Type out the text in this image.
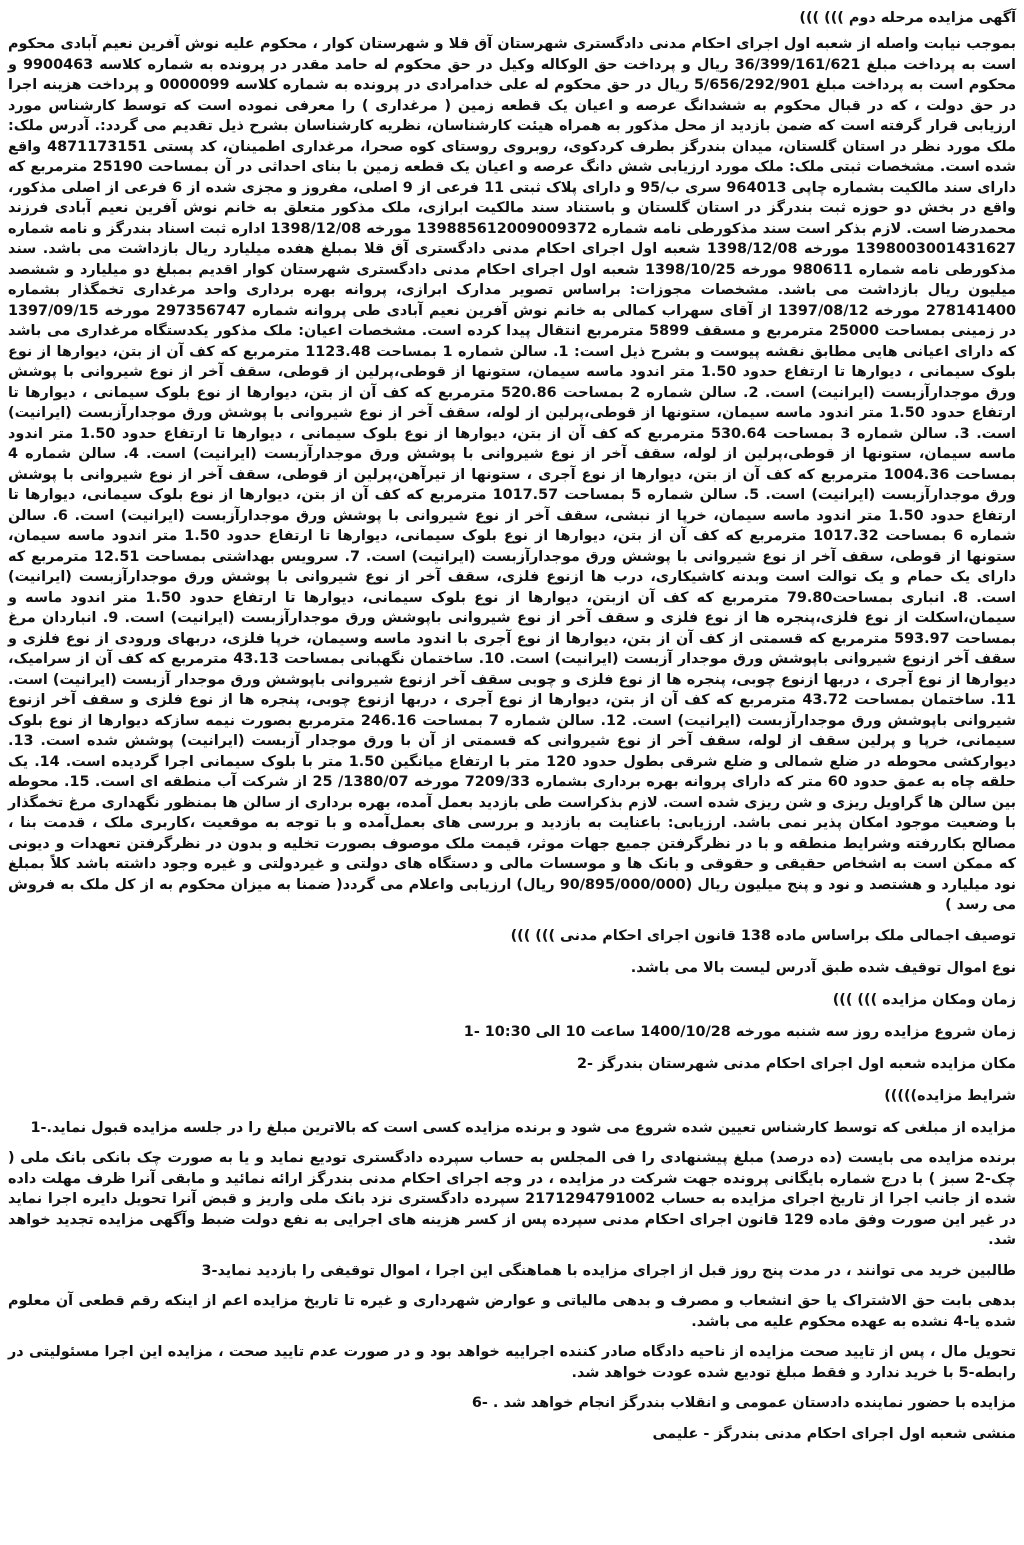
آگهی مزایده مرحله دوم ))) )))

بموجب نیابت واصله از شعبه اول اجرای احکام مدنی دادگستری شهرستان آق قلا و شهرستان کوار ، محکوم علیه نوش آفرین نعیم آبادی محکوم است به پرداخت مبلغ 36/399/161/621 ریال و پرداخت حق الوکاله وکیل در حق محکوم له حامد مقدر در پرونده به شماره کلاسه 9900463 و محکوم است به پرداخت مبلغ 5/656/292/901 ریال در حق محکوم له علی خدامرادی در پرونده به شماره کلاسه 0000099 و پرداخت هزینه اجرا در حق دولت ، که در قبال محکوم به ششدانگ عرصه و اعیان یک قطعه زمین ( مرغداری ) را معرفی نموده است که توسط کارشناس مورد ارزیابی قرار گرفته است که ضمن بازدید از محل مذکور به همراه هیئت کارشناسان، نظریه کارشناسان بشرح ذیل تقدیم می گردد:. آدرس ملک: ملک مورد نظر در استان گلستان، میدان بندرگز بطرف کردکوی، روبروی روستای کوه صحرا، مرغداری اطمینان، کد پستی 4871173151 واقع شده است. مشخصات ثبتی ملک: ملک مورد ارزیابی شش دانگ عرصه و اعیان یک قطعه زمین با بنای احداثی در آن بمساحت 25190 مترمربع که دارای سند مالکیت بشماره چاپی 964013 سری ب/95 و دارای پلاک ثبتی 11 فرعی از 9 اصلی، مفروز و مجزی شده از 6 فرعی از اصلی مذکور، واقع در بخش دو حوزه ثبت بندرگز در استان گلستان و باستناد سند مالکیت ابرازی، ملک مذکور متعلق به خانم نوش آفرین نعیم آبادی فرزند محمدرضا است. لازم بذکر است سند مذکورطی نامه شماره 139885612009009372 مورخه 1398/12/08 اداره ثبت اسناد بندرگز و نامه شماره 1398003001431627 مورخه 1398/12/08 شعبه اول اجرای احکام مدنی دادگستری آق قلا بمبلغ هفده میلیارد ریال بازداشت می باشد. سند مذکورطی نامه شماره 980611 مورخه 1398/10/25 شعبه اول اجرای احکام مدنی دادگستری شهرستان کوار اقدیم بمبلغ دو میلیارد و ششصد میلیون ریال بازداشت می باشد. مشخصات مجوزات: براساس تصویر مدارک ابرازی، پروانه بهره برداری واحد مرغداری تخمگذار بشماره 278141400 مورخه 1397/08/12 از آقای سهراب کمالی به خانم نوش آفرین نعیم آبادی طی پروانه شماره 297356747 مورخه 1397/09/15 در زمینی بمساحت 25000 مترمربع و مسقف 5899 مترمربع انتقال پیدا کرده است. مشخصات اعیان: ملک مذکور یکدستگاه مرغداری می باشد که دارای اعیانی هایی مطابق نقشه پیوست و بشرح ذیل است: 1. سالن شماره 1 بمساحت 1123.48 مترمربع که کف آن از بتن، دیوارها از نوع بلوک سیمانی ، دیوارها تا ارتفاع حدود 1.50 متر اندود ماسه سیمان، ستونها از قوطی،پرلین از قوطی، سقف آخر از نوع شیروانی با پوشش ورق موجدارآزبست (ایرانیت) است. 2. سالن شماره 2 بمساحت 520.86 مترمربع که کف آن از بتن، دیوارها از نوع بلوک سیمانی ، دیوارها تا ارتفاع حدود 1.50 متر اندود ماسه سیمان، ستونها از قوطی،پرلین از لوله، سقف آخر از نوع شیروانی با پوشش ورق موجدارآزبست (ایرانیت) است. 3. سالن شماره 3 بمساحت 530.64 مترمربع که کف آن از بتن، دیوارها از نوع بلوک سیمانی ، دیوارها تا ارتفاع حدود 1.50 متر اندود ماسه سیمان، ستونها از قوطی،پرلین از لوله، سقف آخر از نوع شیروانی با پوشش ورق موجدارآزبست (ایرانیت) است. 4. سالن شماره 4 بمساحت 1004.36 مترمربع که کف آن از بتن، دیوارها از نوع آجری ، ستونها از تیرآهن،پرلین از قوطی، سقف آخر از نوع شیروانی با پوشش ورق موجدارآزبست (ایرانیت) است. 5. سالن شماره 5 بمساحت 1017.57 مترمربع که کف آن از بتن، دیوارها از نوع بلوک سیمانی، دیوارها تا ارتفاع حدود 1.50 متر اندود ماسه سیمان، خرپا از نبشی، سقف آخر از نوع شیروانی با پوشش ورق موجدارآزبست (ایرانیت) است. 6. سالن شماره 6 بمساحت 1017.32 مترمربع که کف آن از بتن، دیوارها از نوع بلوک سیمانی، دیوارها تا ارتفاع حدود 1.50 متر اندود ماسه سیمان، ستونها از قوطی، سقف آخر از نوع شیروانی با پوشش ورق موجدارآزبست (ایرانیت) است. 7. سرویس بهداشتی بمساحت 12.51 مترمربع که دارای یک حمام و یک توالت است وبدنه کاشیکاری، درب ها ازنوع فلزی، سقف آخر از نوع شیروانی با پوشش ورق موجدارآزبست (ایرانیت) است. 8. انباری بمساحت79.80 مترمربع که کف آن ازبتن، دیوارها از نوع بلوک سیمانی، دیوارها تا ارتفاع حدود 1.50 متر اندود ماسه و سیمان،اسکلت از نوع فلزی،پنجره ها از نوع فلزی و سقف آخر از نوع شیروانی باپوشش ورق موجدارآزبست (ایرانیت) است. 9. انباردان مرغ بمساحت 593.97 مترمربع که قسمتی از کف آن از بتن، دیوارها از نوع آجری با اندود ماسه وسیمان، خرپا فلزی، دربهای ورودی از نوع فلزی و سقف آخر ازنوع شیروانی باپوشش ورق موجدار آزبست (ایرانیت) است. 10. ساختمان نگهبانی بمساحت 43.13 مترمربع که کف آن از سرامیک، دیوارها از نوع آجری ، دربها ازنوع چوبی، پنجره ها از نوع فلزی و چوبی سقف آخر ازنوع شیروانی باپوشش ورق موجدار آزبست (ایرانیت) است. 11. ساختمان بمساحت 43.72 مترمربع که کف آن از بتن، دیوارها از نوع آجری ، دربها ازنوع چوبی، پنجره ها از نوع فلزی و سقف آخر ازنوع شیروانی باپوشش ورق موجدارآزبست (ایرانیت) است. 12. سالن شماره 7 بمساحت 246.16 مترمربع بصورت نیمه سازکه دیوارها از نوع بلوک سیمانی، خرپا و پرلین سقف از لوله، سقف آخر از نوع شیروانی که قسمتی از آن با ورق موجدار آزبست (ایرانیت) پوشش شده است. 13. دیوارکشی محوطه در ضلع شمالی و ضلع شرقی بطول حدود 120 متر با ارتفاع میانگین 1.50 متر با بلوک سیمانی اجرا گردیده است. 14. یک حلقه چاه به عمق حدود 60 متر که دارای پروانه بهره برداری بشماره 7209/33 مورخه 1380/07/ 25 از شرکت آب منطقه ای است. 15. محوطه بین سالن ها گراویل ریزی و شن ریزی شده است. لازم بذکراست طی بازدید بعمل آمده، بهره برداری از سالن ها بمنظور نگهداری مرغ تخمگذار با وضعیت موجود امکان پذیر نمی باشد. ارزیابی: باعنایت به بازدید و بررسی های بعمل‌آمده و با توجه به موقعیت ،کاربری ملک ، قدمت بنا ، مصالح بکاررفته وشرایط منطقه و با در نظرگرفتن جمیع جهات موثر، قیمت ملک موصوف بصورت تخلیه و بدون در نظرگرفتن تعهدات و دیونی که ممکن است به اشخاص حقیقی و حقوقی و بانک ها و موسسات مالی و دستگاه های دولتی و غیردولتی و غیره وجود داشته باشد کلاً بمبلغ نود میلیارد و هشتصد و نود و پنج میلیون ریال (90/895/000/000 ریال) ارزیابی واعلام می گردد( ضمنا به میزان محکوم به از کل ملک به فروش می رسد )

توصیف اجمالی ملک براساس ماده 138 قانون اجرای احکام مدنی ))) )))

نوع اموال توقیف شده طبق آدرس لیست بالا می باشد.

زمان ومکان مزایده ))) )))

زمان شروع مزایده روز سه شنبه مورخه 1400/10/28 ساعت 10 الی 10:30 -1

مکان مزایده شعبه اول اجرای احکام مدنی شهرستان بندرگز -2

شرایط مزایده)))))

مزایده از مبلغی که توسط کارشناس تعیین شده شروع می شود و برنده مزایده کسی است که بالاترین مبلغ را در جلسه مزایده قبول نماید.-1

برنده مزایده می بایست (ده درصد) مبلغ پیشنهادی را فی المجلس به حساب سپرده دادگستری تودیع نماید و یا به صورت چک بانکی بانک ملی ( چک-2 سبز ) با درج شماره بایگانی پرونده جهت شرکت در مزایده ، در وجه اجرای احکام مدنی بندرگز ارائه نمائید و مابقی آنرا ظرف مهلت داده شده از جانب اجرا از تاریخ اجرای مزایده به حساب 2171294791002 سپرده دادگستری نزد بانک ملی واریز و قبض آنرا تحویل دایره اجرا نماید در غیر این صورت وفق ماده 129 قانون اجرای احکام مدنی سپرده پس از کسر هزینه های اجرایی به نفع دولت ضبط وآگهی مزایده تجدید خواهد شد.

طالبین خرید می توانند ، در مدت پنج روز قبل از اجرای مزایده با هماهنگی این اجرا ، اموال توقیفی را بازدید نماید-3

بدهی بابت حق الاشتراک یا حق انشعاب و مصرف و بدهی مالیاتی و عوارض شهرداری و غیره تا تاریخ مزایده اعم از اینکه رقم قطعی آن معلوم شده یا-4 نشده به عهده محکوم علیه می باشد.

تحویل مال ، پس از تایید صحت مزایده از ناحیه دادگاه صادر کننده اجراییه خواهد بود و در صورت عدم تایید صحت ، مزایده این اجرا مسئولیتی در رابطه-5 با خرید ندارد و فقط مبلغ تودیع شده عودت خواهد شد.

مزایده با حضور نماینده دادستان عمومی و انقلاب بندرگز انجام خواهد شد . -6

منشی شعبه اول اجرای احکام مدنی بندرگز - علیمی
